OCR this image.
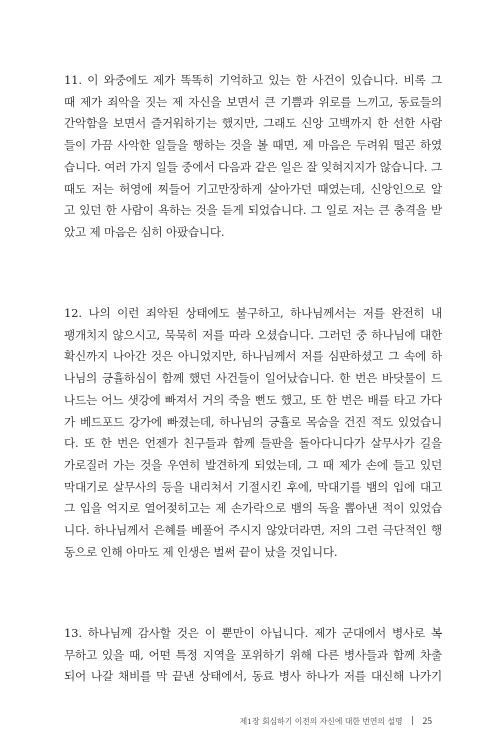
11. 이 와중에도 제가 똑똑히 기억하고 있는 한 사건이 있습니다. 비록 그
때 제가 죄악을 짓는 제 자신을 보면서 큰 기쁨과 위로를 느끼고, 동료들의
간악함을 보면서 즐거워하기는 했지만, 그래도 신앙 고백까지 한 선한 사람
들이 가끔 사악한 일들을 행하는 것을 볼 때면, 제 마음은 두려워 떨곤 하였
습니다. 여러 가지 일들 중에서 다음과 같은 일은 잘 잊혀지지가 않습니다. 그
때도 저는 허영에 찌들어 기고만장하게 살아가던 때였는데, 신앙인으로 알
고 있던 한 사람이 욕하는 것을 듣게 되었습니다. 그 일로 저는 큰 충격을 받
았고 제 마음은 심히 아팠습니다.
12. 나의 이런 죄악된 상태에도 불구하고, 하나님께서는 저를 완전히 내
팽개치지 않으시고, 묵묵히 저를 따라 오셨습니다. 그러던 중 하나님에 대한
확신까지 나아간 것은 아니었지만, 하나님께서 저를 심판하셨고 그 속에 하
나님의 긍휼하심이 함께 했던 사건들이 일어났습니다. 한 번은 바닷물이 드
나드는 어느 샛강에 빠져서 거의 죽을 뻔도 했고, 또 한 번은 배를 타고 가다
가 베드포드 강가에 빠졌는데, 하나님의 긍휼로 목숨을 건진 적도 있었습니
다. 또 한 번은 언젠가 친구들과 함께 들판을 돌아다니다가 살무사가 길을
가로질러 가는 것을 우연히 발견하게 되었는데, 그 때 제가 손에 들고 있던
막대기로 살무사의 등을 내리쳐서 기절시킨 후에, 막대기를 뱀의 입에 대고
그 입을 억지로 열어젖히고는 제 손가락으로 뱀의 독을 뽑아낸 적이 있었습
니다. 하나님께서 은혜를 베풀어 주시지 않았더라면, 저의 그런 극단적인 행
동으로 인해 아마도 제 인생은 벌써 끝이 났을 것입니다.
13. 하나님께 감사할 것은 이 뿐만이 아닙니다. 제가 군대에서 병사로 복
무하고 있을 때, 어떤 특정 지역을 포위하기 위해 다른 병사들과 함께 차출
되어 나갈 채비를 막 끝낸 상태에서, 동료 병사 하나가 저를 대신해 나가기
제1장 회심하기 이전의 자신에 대한 번연의 설명 25
